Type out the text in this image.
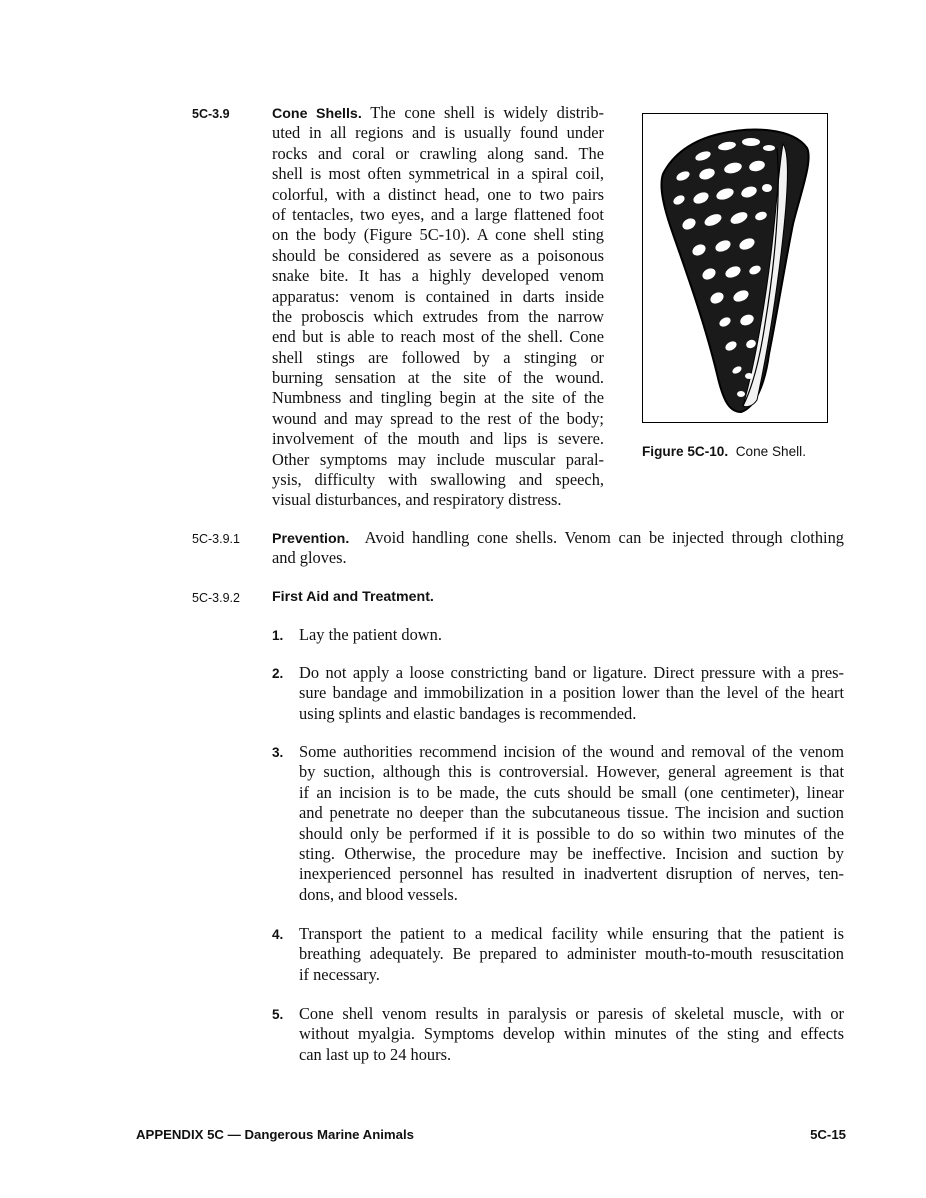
5C-3.9	Cone Shells. The cone shell is widely distrib-
uted in all regions and is usually found under
rocks and coral or crawling along sand. The
shell is most often symmetrical in a spiral coil,
colorful, with a distinct head, one to two pairs
of tentacles, two eyes, and a large flattened foot
on the body (Figure 5C-10). A cone shell sting
should be considered as severe as a poisonous
snake bite. It has a highly developed venom
apparatus: venom is contained in darts inside
the proboscis which extrudes from the narrow
end but is able to reach most of the shell. Cone
shell stings are followed by a stinging or
burning sensation at the site of the wound.
Numbness and tingling begin at the site of the
wound and may spread to the rest of the body;
involvement of the mouth and lips is severe.
Other symptoms may include muscular paral-
ysis, difficulty with swallowing and speech,
visual disturbances, and respiratory distress.
Figure 5C-10. Cone Shell.
5C-3.9.1 Prevention. Avoid handling cone shells. Venom can be injected through clothing
and gloves.
5C-3.9.2 First Aid and Treatment.
1. Lay the patient down.
2. Do not apply a loose constricting band or ligature. Direct pressure with a pres-
sure bandage and immobilization in a position lower than the level of the heart
using splints and elastic bandages is recommended.
3. Some authorities recommend incision of the wound and removal of the venom
by suction, although this is controversial. However, general agreement is that
if an incision is to be made, the cuts should be small (one centimeter), linear
and penetrate no deeper than the subcutaneous tissue. The incision and suction
should only be performed if it is possible to do so within two minutes of the
sting. Otherwise, the procedure may be ineffective. Incision and suction by
inexperienced personnel has resulted in inadvertent disruption of nerves, ten-
dons, and blood vessels.
4. Transport the patient to a medical facility while ensuring that the patient is
breathing adequately. Be prepared to administer mouth-to-mouth resuscitation
if necessary.
5. Cone shell venom results in paralysis or paresis of skeletal muscle, with or
without myalgia. Symptoms develop within minutes of the sting and effects
can last up to 24 hours.
APPENDIX 5C — Dangerous Marine Animals	5C-15
